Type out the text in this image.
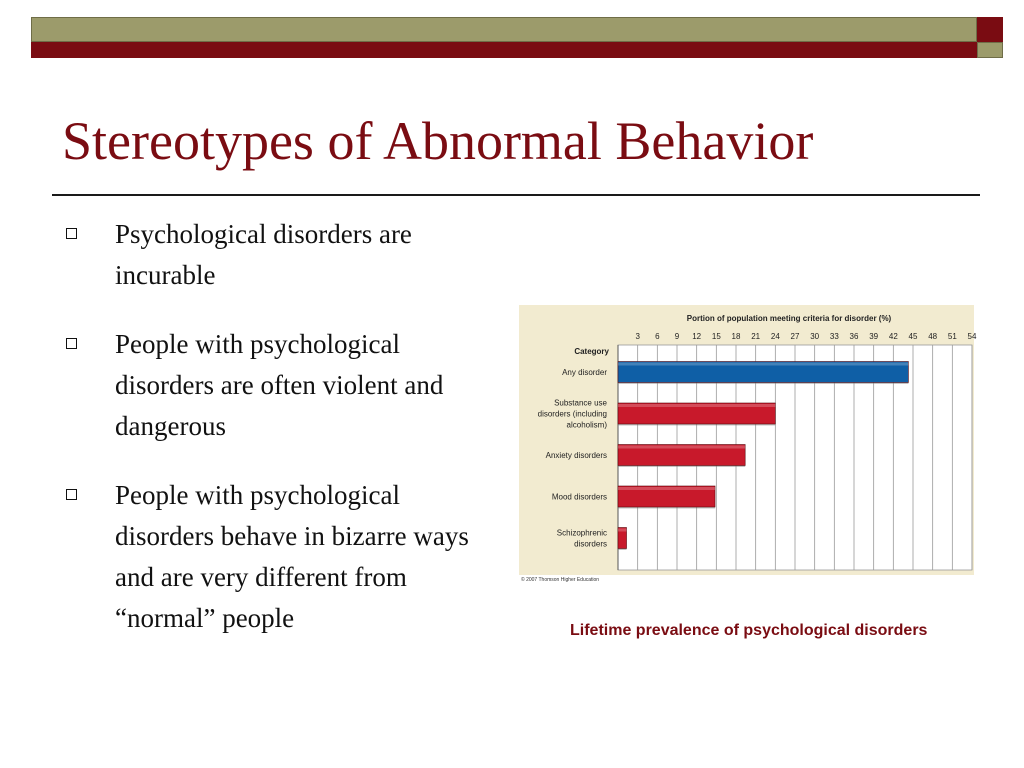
Stereotypes of Abnormal Behavior
Psychological disorders are incurable
People with psychological disorders are often violent and dangerous
People with psychological disorders behave in bizarre ways and are very different from “normal” people
Portion of population meeting criteria for disorder (%)
Category
3 6 9 12 15 18 21 24 27 30 33 36 39 42 45 48 51 54
Any disorder
Substance use
disorders (including
alcoholism)
Anxiety disorders
Mood disorders
Schizophrenic
disorders
© 2007 Thomson Higher Education
Lifetime prevalence of psychological disorders
